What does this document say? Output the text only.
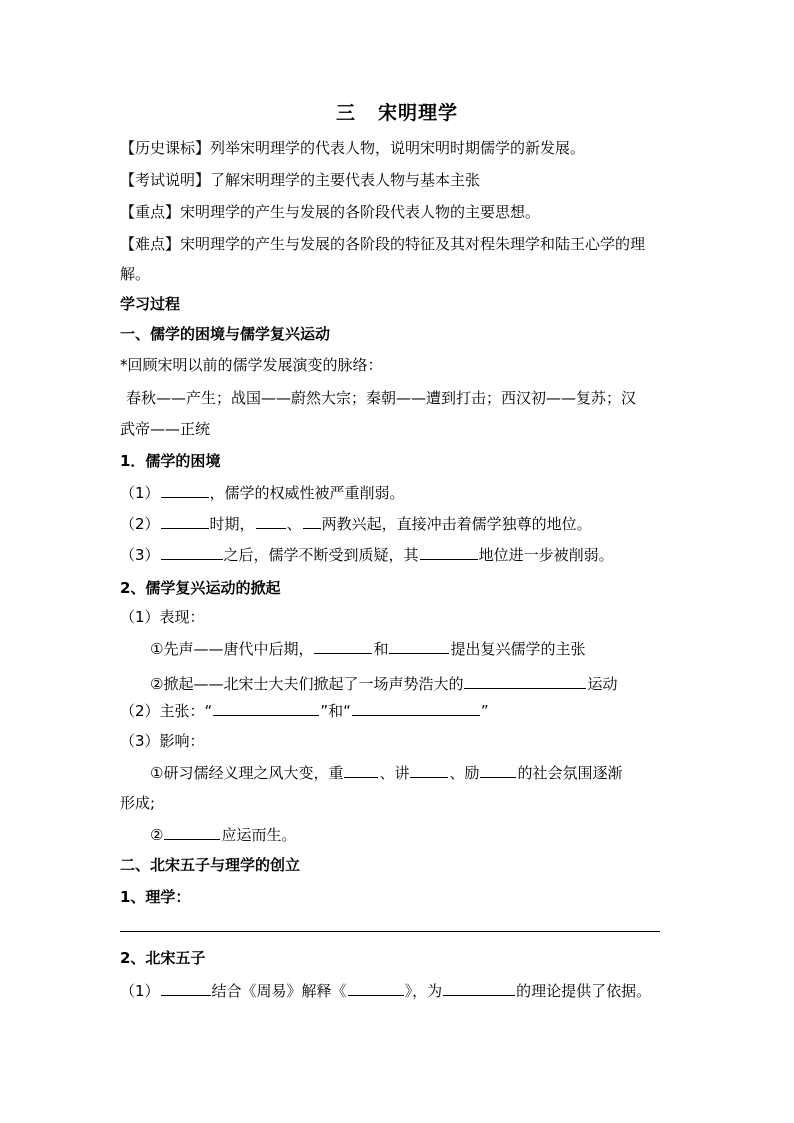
三 宋明理学
【历史课标】列举宋明理学的代表人物，说明宋明时期儒学的新发展。
【考试说明】了解宋明理学的主要代表人物与基本主张
【重点】宋明理学的产生与发展的各阶段代表人物的主要思想。
【难点】宋明理学的产生与发展的各阶段的特征及其对程朱理学和陆王心学的理
解。
学习过程
一、儒学的困境与儒学复兴运动
*回顾宋明以前的儒学发展演变的脉络：
春秋——产生；战国——蔚然大宗；秦朝——遭到打击；西汉初——复苏；汉
武帝——正统
1．儒学的困境
（1）	，儒学的权威性被严重削弱。
（2）	时期， 、 两教兴起，直接冲击着儒学独尊的地位。
（3）	之后，儒学不断受到质疑，其	地位进一步被削弱。
2、儒学复兴运动的掀起
（1）表现：
①先声——唐代中后期，	和	提出复兴儒学的主张
②掀起——北宋士大夫们掀起了一场声势浩大的	运动
（2）主张：“	”和“	”
（3）影响：
①研习儒经义理之风大变，重 、讲	、励	的社会氛围逐渐
形成;
②	应运而生。
二、北宋五子与理学的创立
1、理学：
2、北宋五子
（1）	结合《周易》解释《	》，为	的理论提供了依据。
